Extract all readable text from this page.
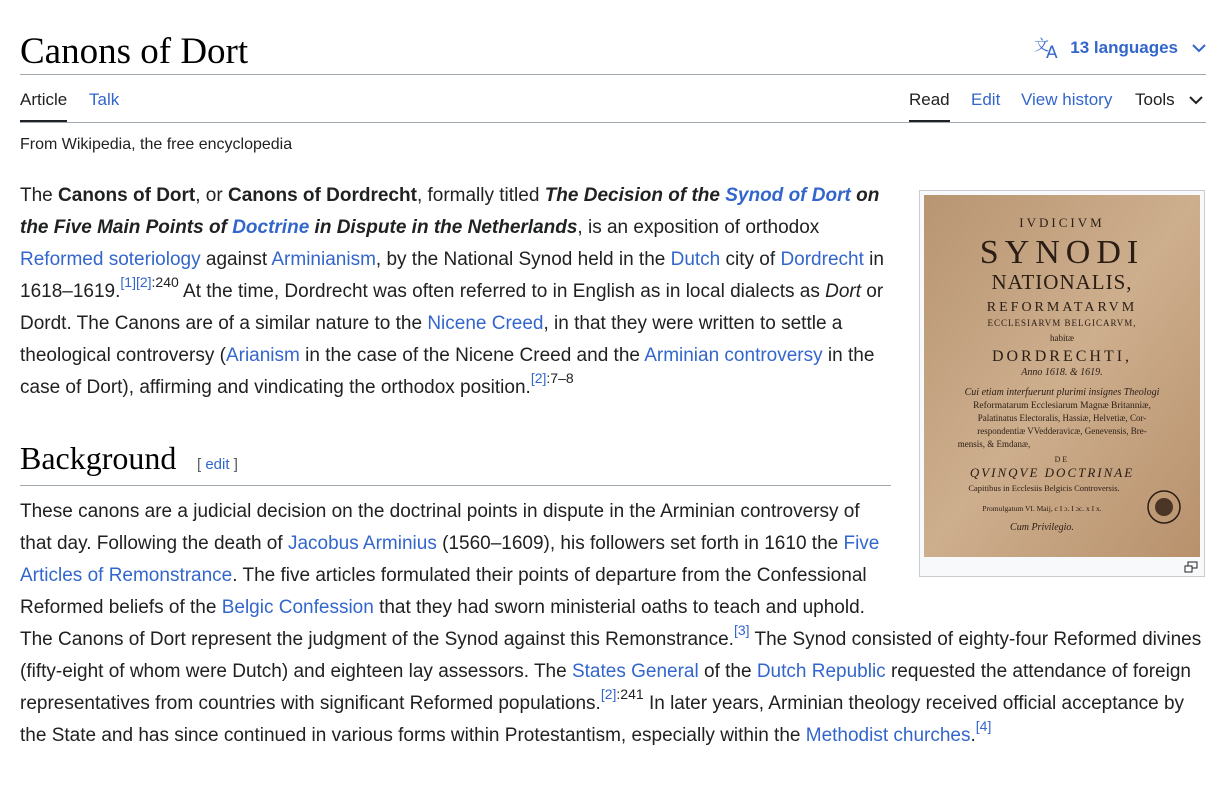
Canons of Dort	文
A 13 languages
Article Talk	Read Edit View history Tools
From Wikipedia, the free encyclopedia

The Canons of Dort, or Canons of Dordrecht, formally titled The Decision of the Synod of Dort on the Five Main Points of Doctrine in Dispute in the Netherlands, is an exposition of orthodox Reformed soteriology against Arminianism, by the National Synod held in the Dutch city of Dordrecht in 1618–1619.$^{[1][2]:240}$ At the time, Dordrecht was often referred to in English as in local dialects as Dort or Dordt. The Canons are of a similar nature to the Nicene Creed, in that they were written to settle a theological controversy (Arianism in the case of the Nicene Creed and the Arminian controversy in the case of Dort), affirming and vindicating the orthodox position.$^{[2]:7-8}$

Background [ edit ]
These canons are a judicial decision on the doctrinal points in dispute in the Arminian controversy of that day. Following the death of Jacobus Arminius (1560–1609), his followers set forth in 1610 the Five Articles of Remonstrance. The five articles formulated their points of departure from the Confessional Reformed beliefs of the Belgic Confession that they had sworn ministerial oaths to teach and uphold. The Canons of Dort represent the judgment of the Synod against this Remonstrance.[3] The Synod consisted of eighty-four Reformed divines (fifty-eight of whom were Dutch) and eighteen lay assessors. The States General of the Dutch Republic requested the attendance of foreign representatives from countries with significant Reformed populations.$^{[2]:241}$ In later years, Arminian theology received official acceptance by the State and has since continued in various forms within Protestantism, especially within the Methodist churches.[4]
IVDICIVM
SYNODI
NATIONALIS,
REFORMATARVM
ECCLESIARVM BELGICARVM,
habitæ
DORDRECHTI,
Anno 1618. & 1619.
Cui etiam interfuerunt plurimi insignes Theologi
Reformatarum Ecclesiarum Magnæ Britanniæ,
Palatinatus Electoralis, Hassiæ, Helvetiæ, Cor-
respondentiæ VVedderavicæ, Genevensis, Bre-
mensis, & Emdanæ,
DE
QVINQVE DOCTRINAE
Capitibus in Ecclesiis Belgicis Controversis.
Promulgatum VI. Maij, c I ɔ. I ɔc. x I x.
Cum Privilegio.
